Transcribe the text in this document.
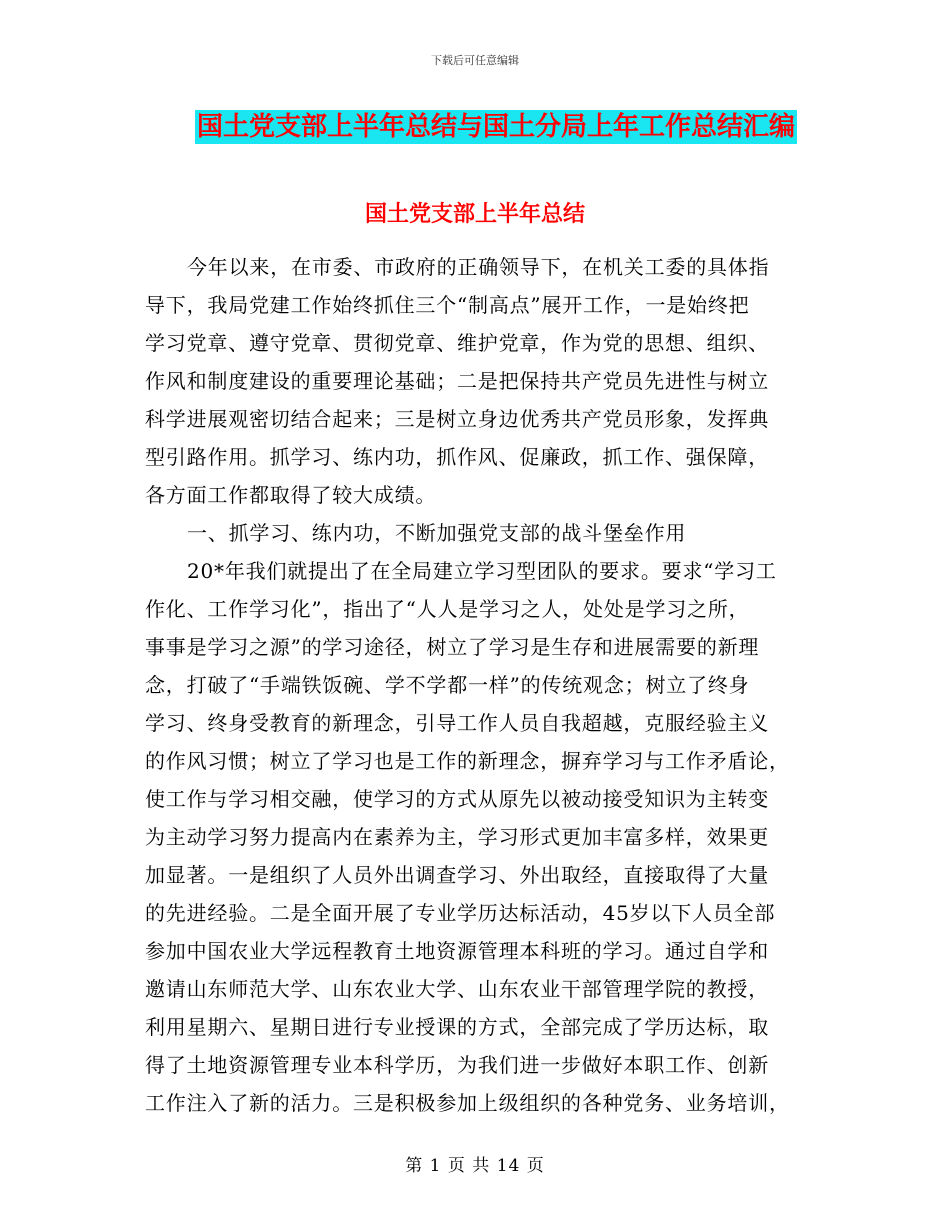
下载后可任意编辑
国土党支部上半年总结与国土分局上年工作总结汇编
国土党支部上半年总结
今年以来，在市委、市政府的正确领导下，在机关工委的具体指
导下，我局党建工作始终抓住三个“制高点”展开工作，一是始终把
学习党章、遵守党章、贯彻党章、维护党章，作为党的思想、组织、
作风和制度建设的重要理论基础；二是把保持共产党员先进性与树立
科学进展观密切结合起来；三是树立身边优秀共产党员形象，发挥典
型引路作用。抓学习、练内功，抓作风、促廉政，抓工作、强保障，
各方面工作都取得了较大成绩。
一、抓学习、练内功，不断加强党支部的战斗堡垒作用
20*年我们就提出了在全局建立学习型团队的要求。要求“学习工
作化、工作学习化”，指出了“人人是学习之人，处处是学习之所，
事事是学习之源”的学习途径，树立了学习是生存和进展需要的新理
念，打破了“手端铁饭碗、学不学都一样”的传统观念；树立了终身
学习、终身受教育的新理念，引导工作人员自我超越，克服经验主义
的作风习惯；树立了学习也是工作的新理念，摒弃学习与工作矛盾论，
使工作与学习相交融，使学习的方式从原先以被动接受知识为主转变
为主动学习努力提高内在素养为主，学习形式更加丰富多样，效果更
加显著。一是组织了人员外出调查学习、外出取经，直接取得了大量
的先进经验。二是全面开展了专业学历达标活动，45岁以下人员全部
参加中国农业大学远程教育土地资源管理本科班的学习。通过自学和
邀请山东师范大学、山东农业大学、山东农业干部管理学院的教授，
利用星期六、星期日进行专业授课的方式，全部完成了学历达标，取
得了土地资源管理专业本科学历，为我们进一步做好本职工作、创新
工作注入了新的活力。三是积极参加上级组织的各种党务、业务培训，
第 1 页 共 14 页
